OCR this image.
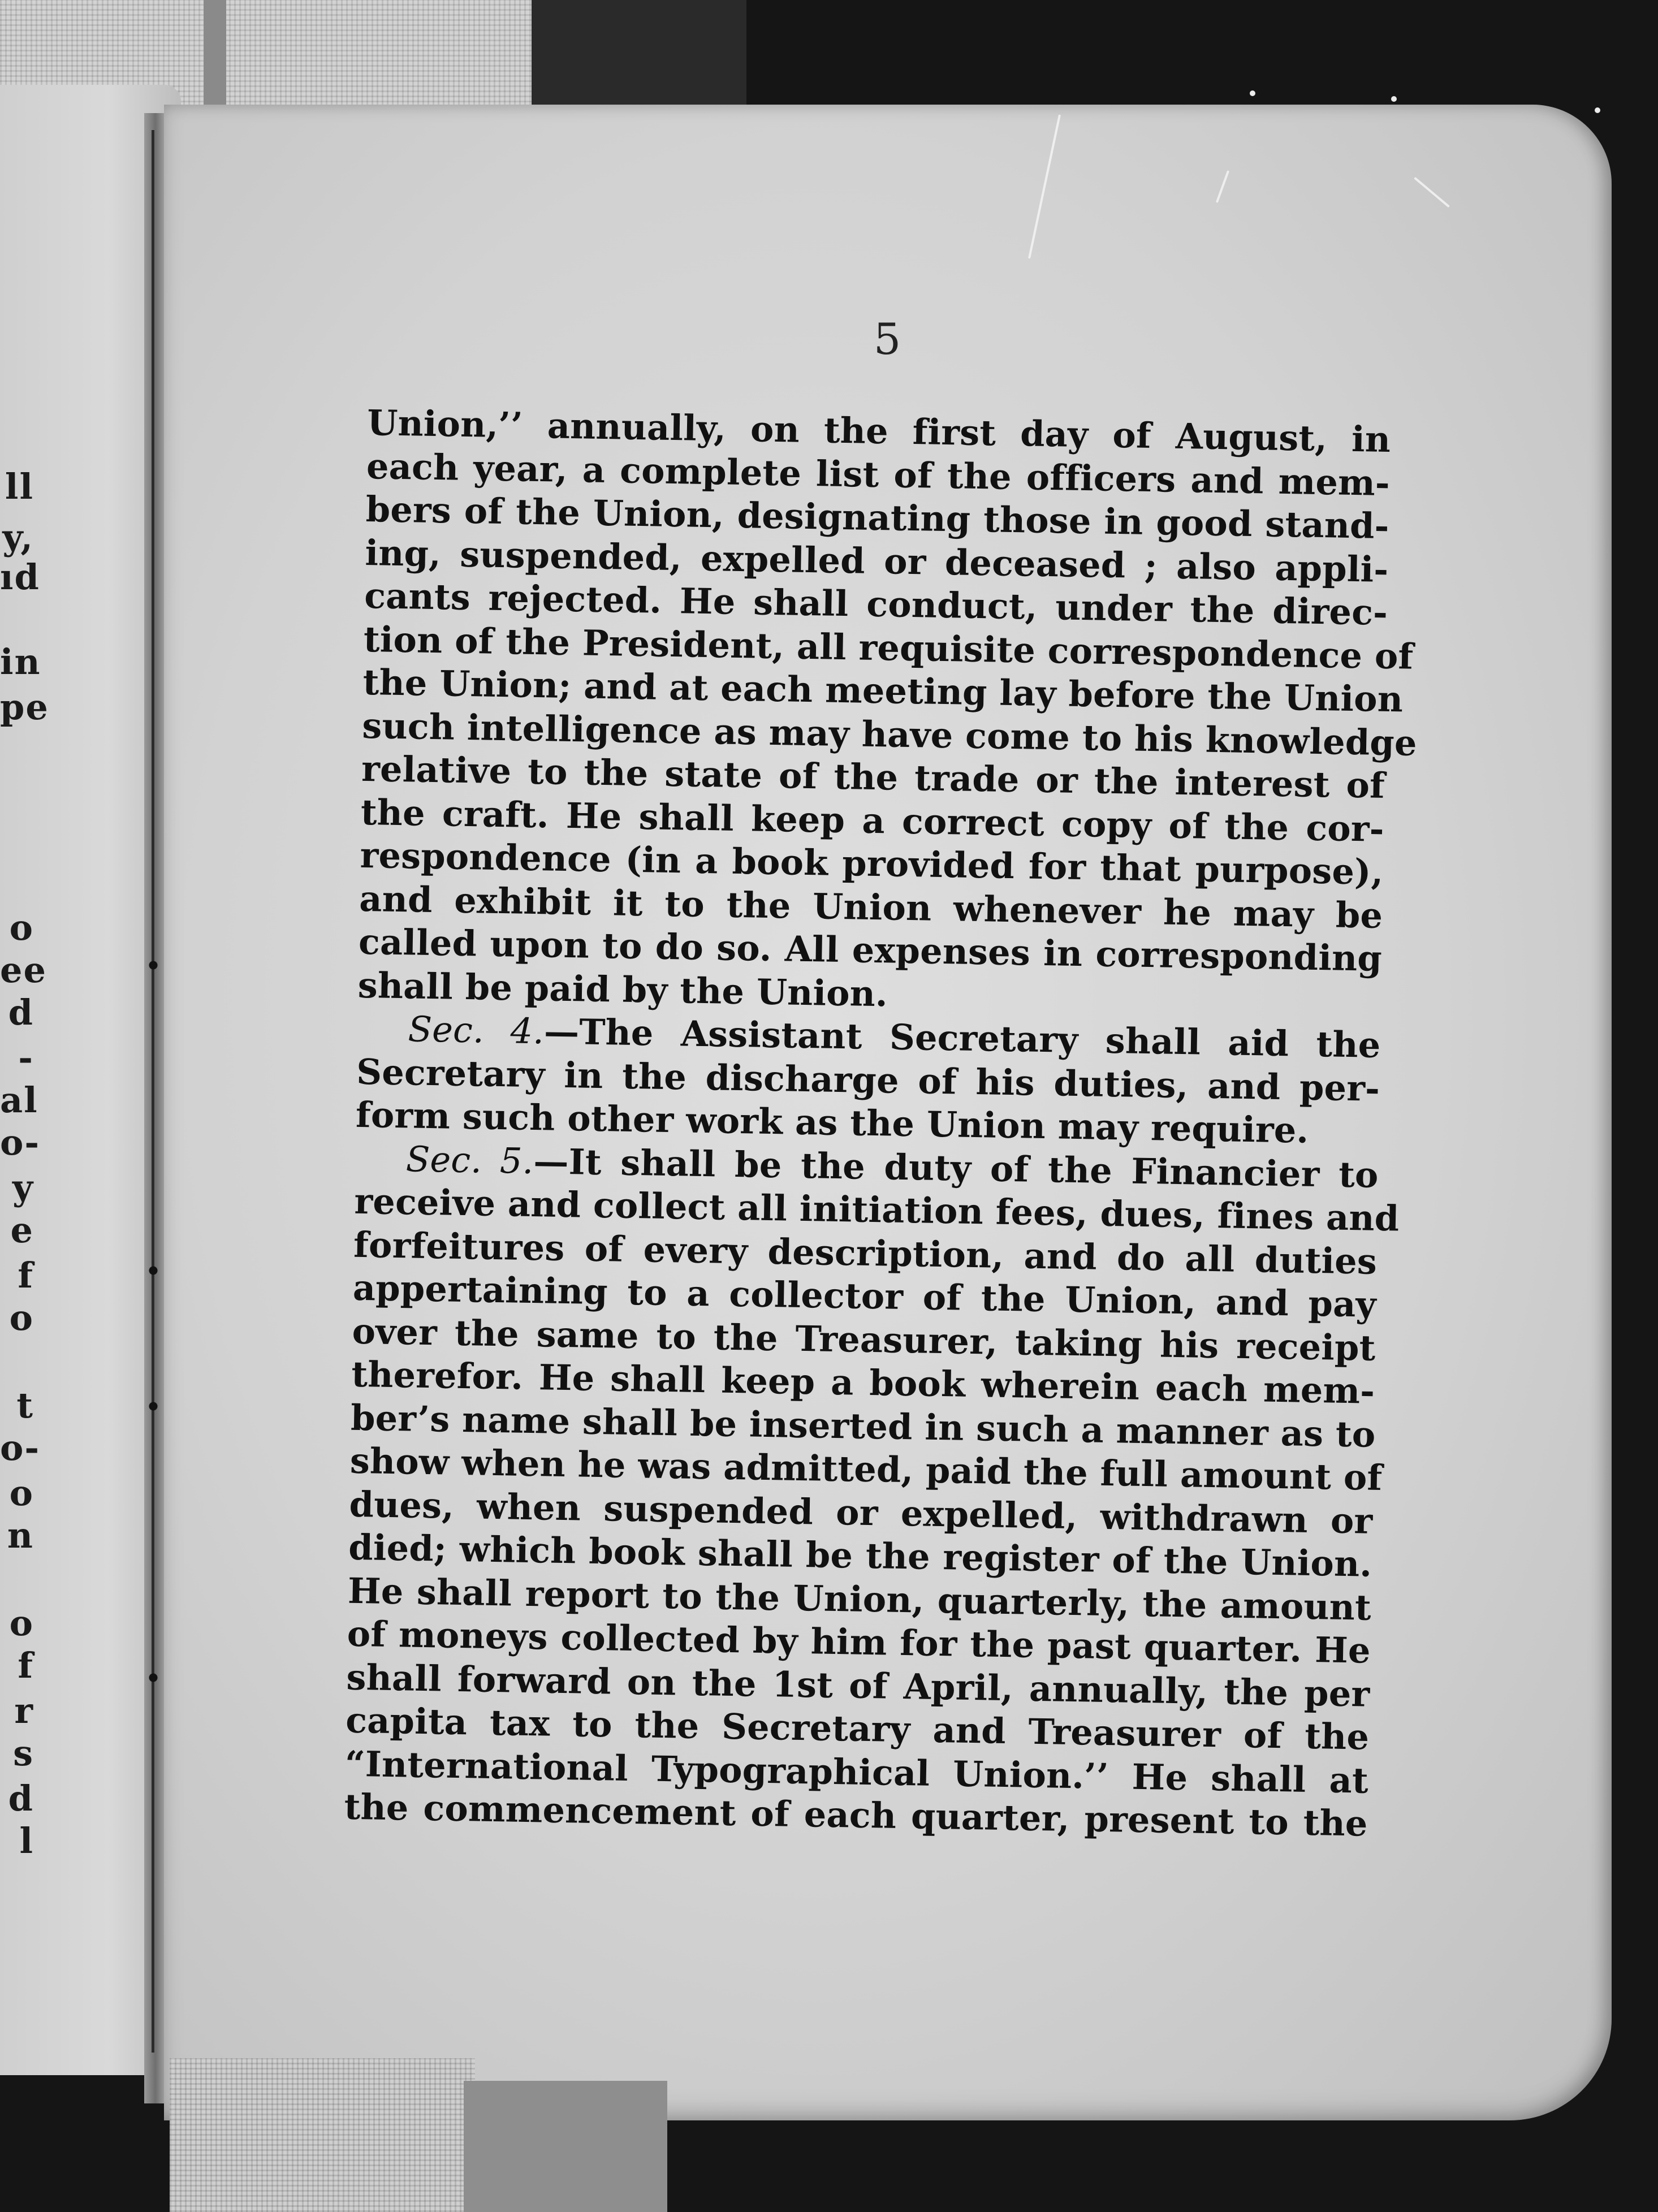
ll
y,
ıd
in
pe
o
ee
d
-
al
o-
y
e
f
o
t
o-
o
n
o
f
r
s
d
l
5
Union,’’ annually, on the first day of August, in
each year, a complete list of the officers and mem-
bers of the Union, designating those in good stand-
ing, suspended, expelled or deceased ; also appli-
cants rejected. He shall conduct, under the direc-
tion of the President, all requisite correspondence of
the Union; and at each meeting lay before the Union
such intelligence as may have come to his knowledge
relative to the state of the trade or the interest of
the craft. He shall keep a correct copy of the cor-
respondence (in a book provided for that purpose),
and exhibit it to the Union whenever he may be
called upon to do so. All expenses in corresponding
shall be paid by the Union.
Sec. 4.—The Assistant Secretary shall aid the
Secretary in the discharge of his duties, and per-
form such other work as the Union may require.
Sec. 5.—It shall be the duty of the Financier to
receive and collect all initiation fees, dues, fines and
forfeitures of every description, and do all duties
appertaining to a collector of the Union, and pay
over the same to the Treasurer, taking his receipt
therefor. He shall keep a book wherein each mem-
ber’s name shall be inserted in such a manner as to
show when he was admitted, paid the full amount of
dues, when suspended or expelled, withdrawn or
died; which book shall be the register of the Union.
He shall report to the Union, quarterly, the amount
of moneys collected by him for the past quarter. He
shall forward on the 1st of April, annually, the per
capita tax to the Secretary and Treasurer of the
“International Typographical Union.’’ He shall at
the commencement of each quarter, present to the
